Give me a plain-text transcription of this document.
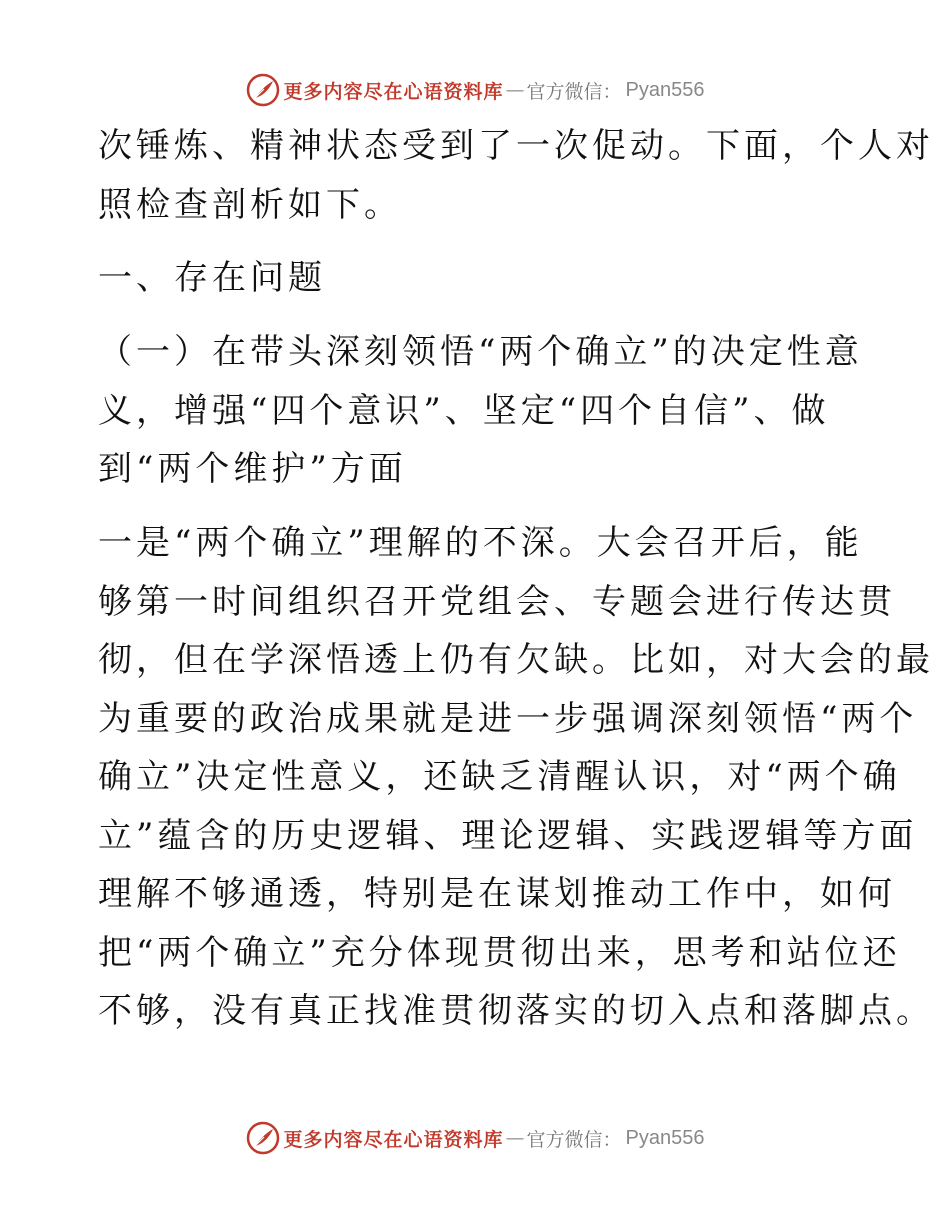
更多内容尽在心语资料库 — 官方微信： Pyan556
次锤炼、精神状态受到了一次促动。下面，个人对
照检查剖析如下。
一、存在问题
（一）在带头深刻领悟“两个确立”的决定性意
义，增强“四个意识”、坚定“四个自信”、做
到“两个维护”方面
一是“两个确立”理解的不深。大会召开后，能
够第一时间组织召开党组会、专题会进行传达贯
彻，但在学深悟透上仍有欠缺。比如，对大会的最
为重要的政治成果就是进一步强调深刻领悟“两个
确立”决定性意义，还缺乏清醒认识，对“两个确
立”蕴含的历史逻辑、理论逻辑、实践逻辑等方面
理解不够通透，特别是在谋划推动工作中，如何
把“两个确立”充分体现贯彻出来，思考和站位还
不够，没有真正找准贯彻落实的切入点和落脚点。
更多内容尽在心语资料库 — 官方微信： Pyan556
